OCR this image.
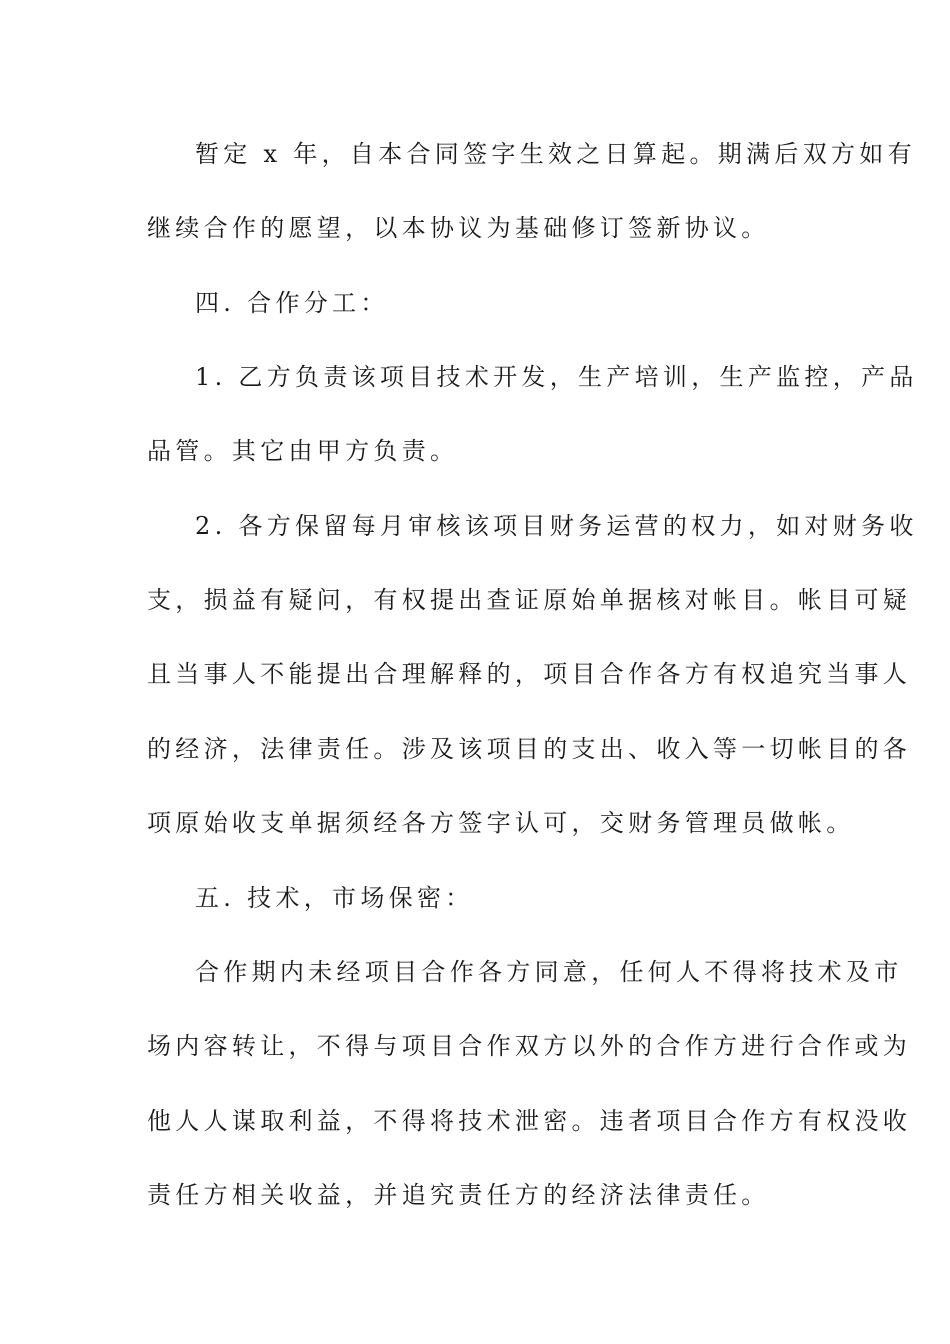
暂定 x 年，自本合同签字生效之日算起。期满后双方如有
继续合作的愿望，以本协议为基础修订签新协议。
四. 合作分工：
1. 乙方负责该项目技术开发，生产培训，生产监控，产品
品管。其它由甲方负责。
2. 各方保留每月审核该项目财务运营的权力，如对财务收
支，损益有疑问，有权提出查证原始单据核对帐目。帐目可疑
且当事人不能提出合理解释的，项目合作各方有权追究当事人
的经济，法律责任。涉及该项目的支出、收入等一切帐目的各
项原始收支单据须经各方签字认可，交财务管理员做帐。
五. 技术，市场保密：
合作期内未经项目合作各方同意，任何人不得将技术及市
场内容转让，不得与项目合作双方以外的合作方进行合作或为
他人人谋取利益，不得将技术泄密。违者项目合作方有权没收
责任方相关收益，并追究责任方的经济法律责任。
